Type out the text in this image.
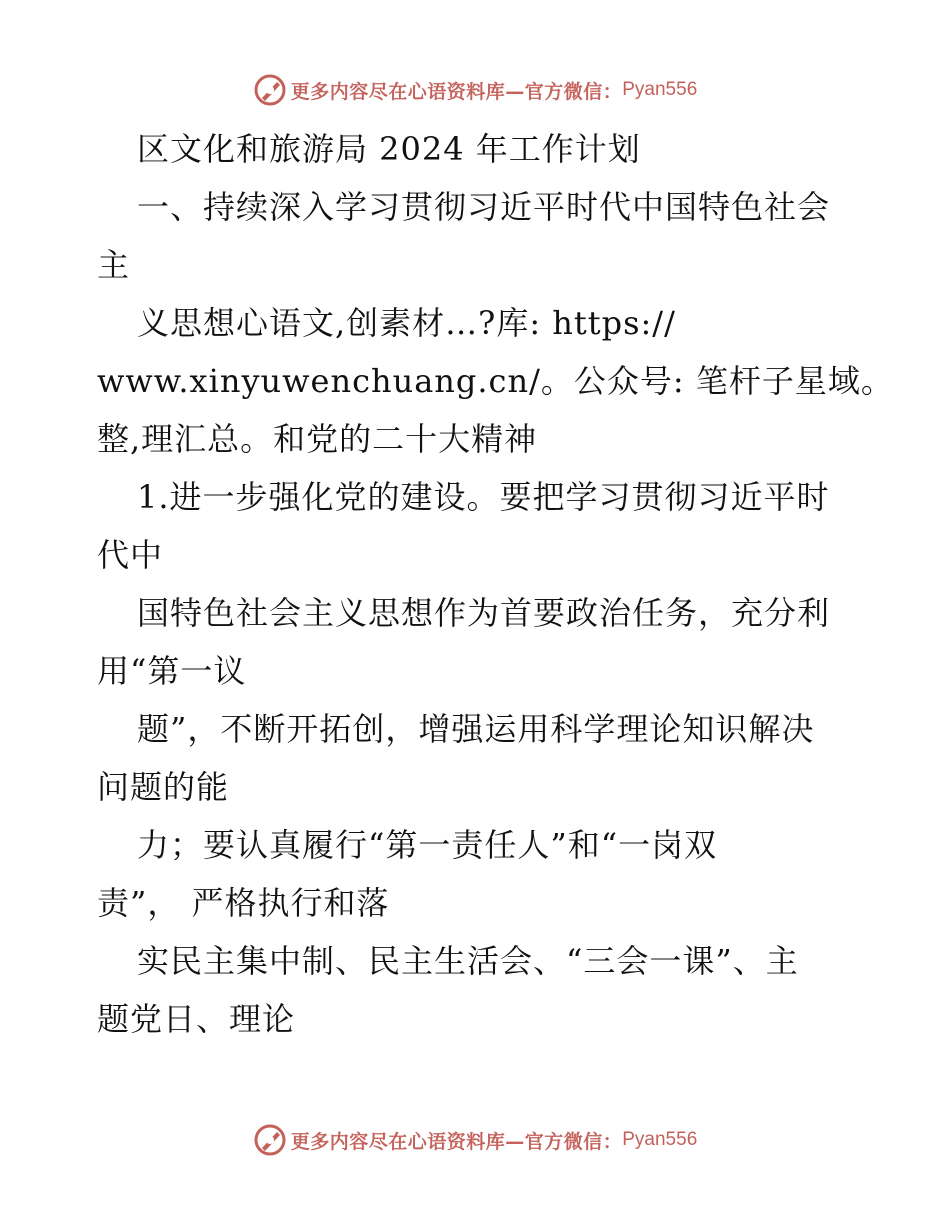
更多内容尽在心语资料库—官方微信： Pyan556
区文化和旅游局 2024 年工作计划
一、持续深入学习贯彻习近平时代中国特色社会
主
义思想心语文,创素材…?库: https://
www.xinyuwenchuang.cn/。公众号: 笔杆子星域。
整,理汇总。和党的二十大精神
1.进一步强化党的建设。要把学习贯彻习近平时
代中
国特色社会主义思想作为首要政治任务，充分利
用“第一议
题”，不断开拓创，增强运用科学理论知识解决
问题的能
力；要认真履行“第一责任人”和“一岗双
责”， 严格执行和落
实民主集中制、民主生活会、“三会一课”、主
题党日、理论
更多内容尽在心语资料库—官方微信： Pyan556
